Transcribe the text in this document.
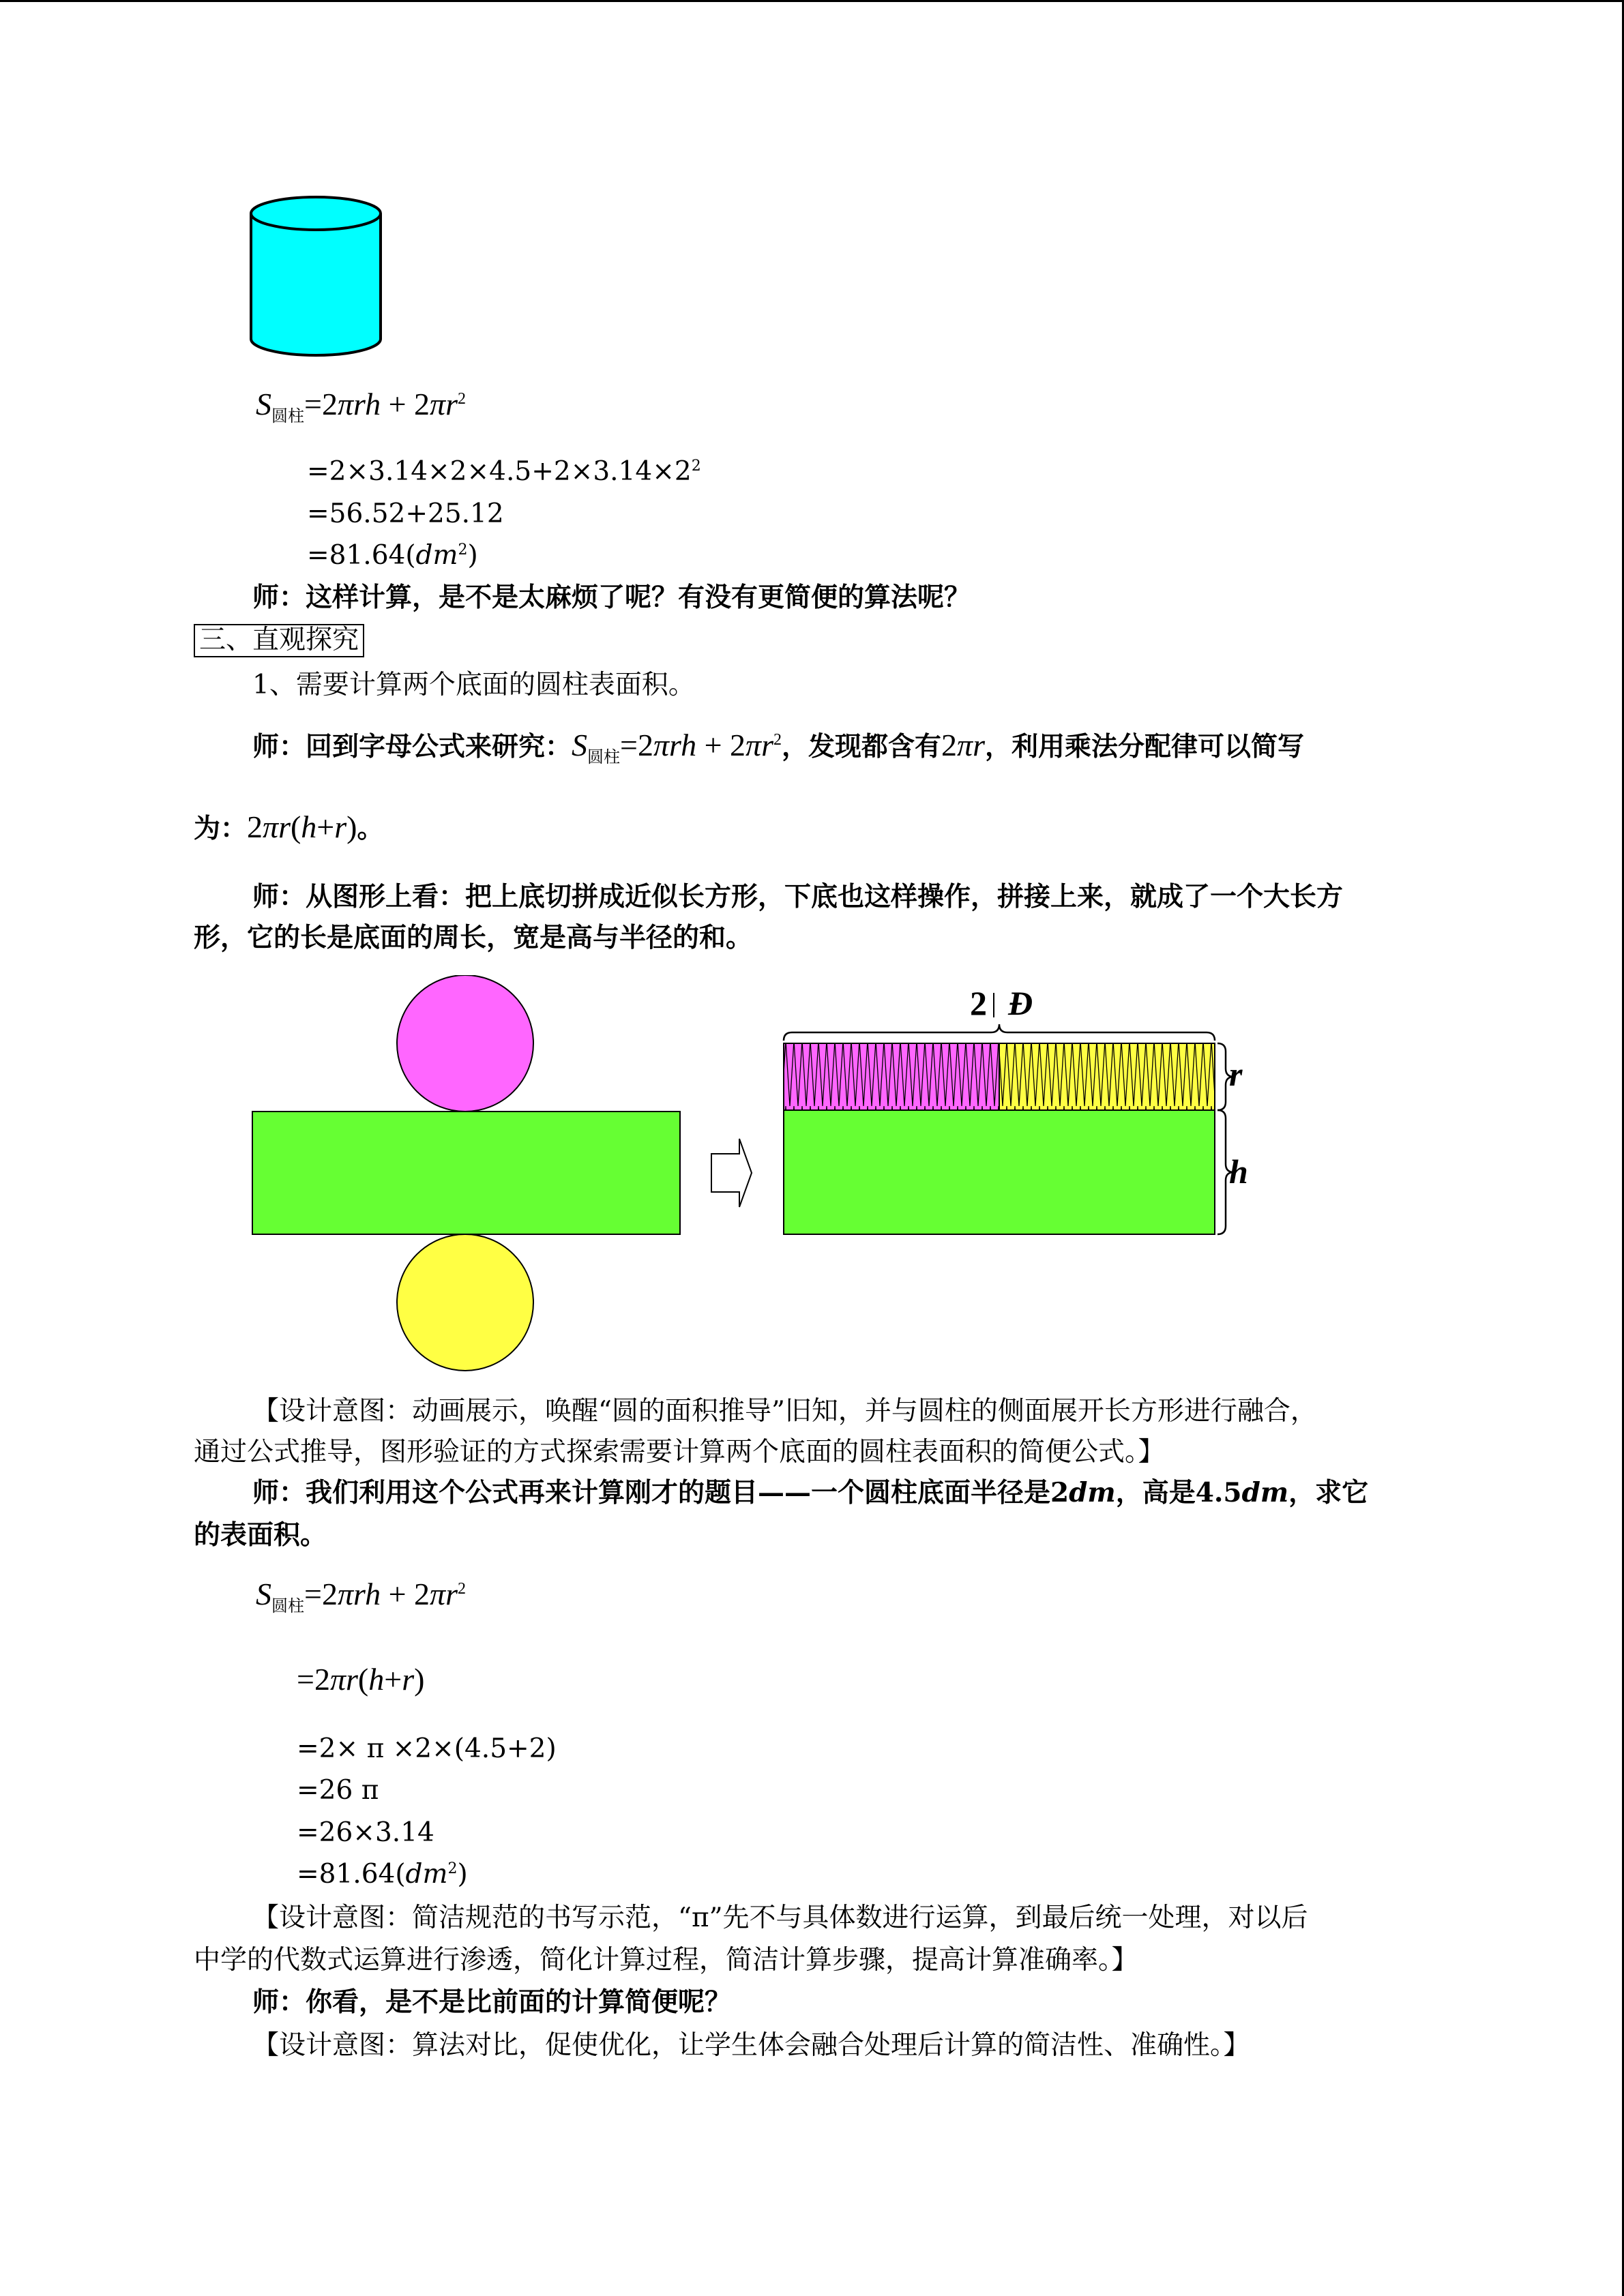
$S_{圆柱}=2\pi rh + 2\pi r^2$
$=2\times 3.14\times 2\times 4.5+2\times 3.14\times 2^2$
=56.52+25.12
$=81.64(dm^2)$
师：这样计算，是不是太麻烦了呢？有没有更简便的算法呢？
三、直观探究
1、需要计算两个底面的圆柱表面积。
师：回到字母公式来研究：$S_{圆柱}=2\pi rh + 2\pi r^2$，发现都含有2πr，利用乘法分配律可以简写
为：2πr(h+r)。
师：从图形上看：把上底切拼成近似长方形，下底也这样操作，拼接上来，就成了一个大长方
形，它的长是底面的周长，宽是高与半径的和。
2 Ð
r
h
【设计意图：动画展示，唤醒“圆的面积推导”旧知，并与圆柱的侧面展开长方形进行融合，
通过公式推导，图形验证的方式探索需要计算两个底面的圆柱表面积的简便公式。】
师：我们利用这个公式再来计算刚才的题目——一个圆柱底面半径是2dm，高是4.5dm，求它
的表面积。
$S_{圆柱}=2\pi rh + 2\pi r^2$
=2πr(h+r)
=2× π ×2×(4.5+2)
=26 π
=26×3.14
$=81.64(dm^2)$
【设计意图：简洁规范的书写示范，“π”先不与具体数进行运算，到最后统一处理，对以后
中学的代数式运算进行渗透，简化计算过程，简洁计算步骤，提高计算准确率。】
师：你看，是不是比前面的计算简便呢？
【设计意图：算法对比，促使优化，让学生体会融合处理后计算的简洁性、准确性。】
